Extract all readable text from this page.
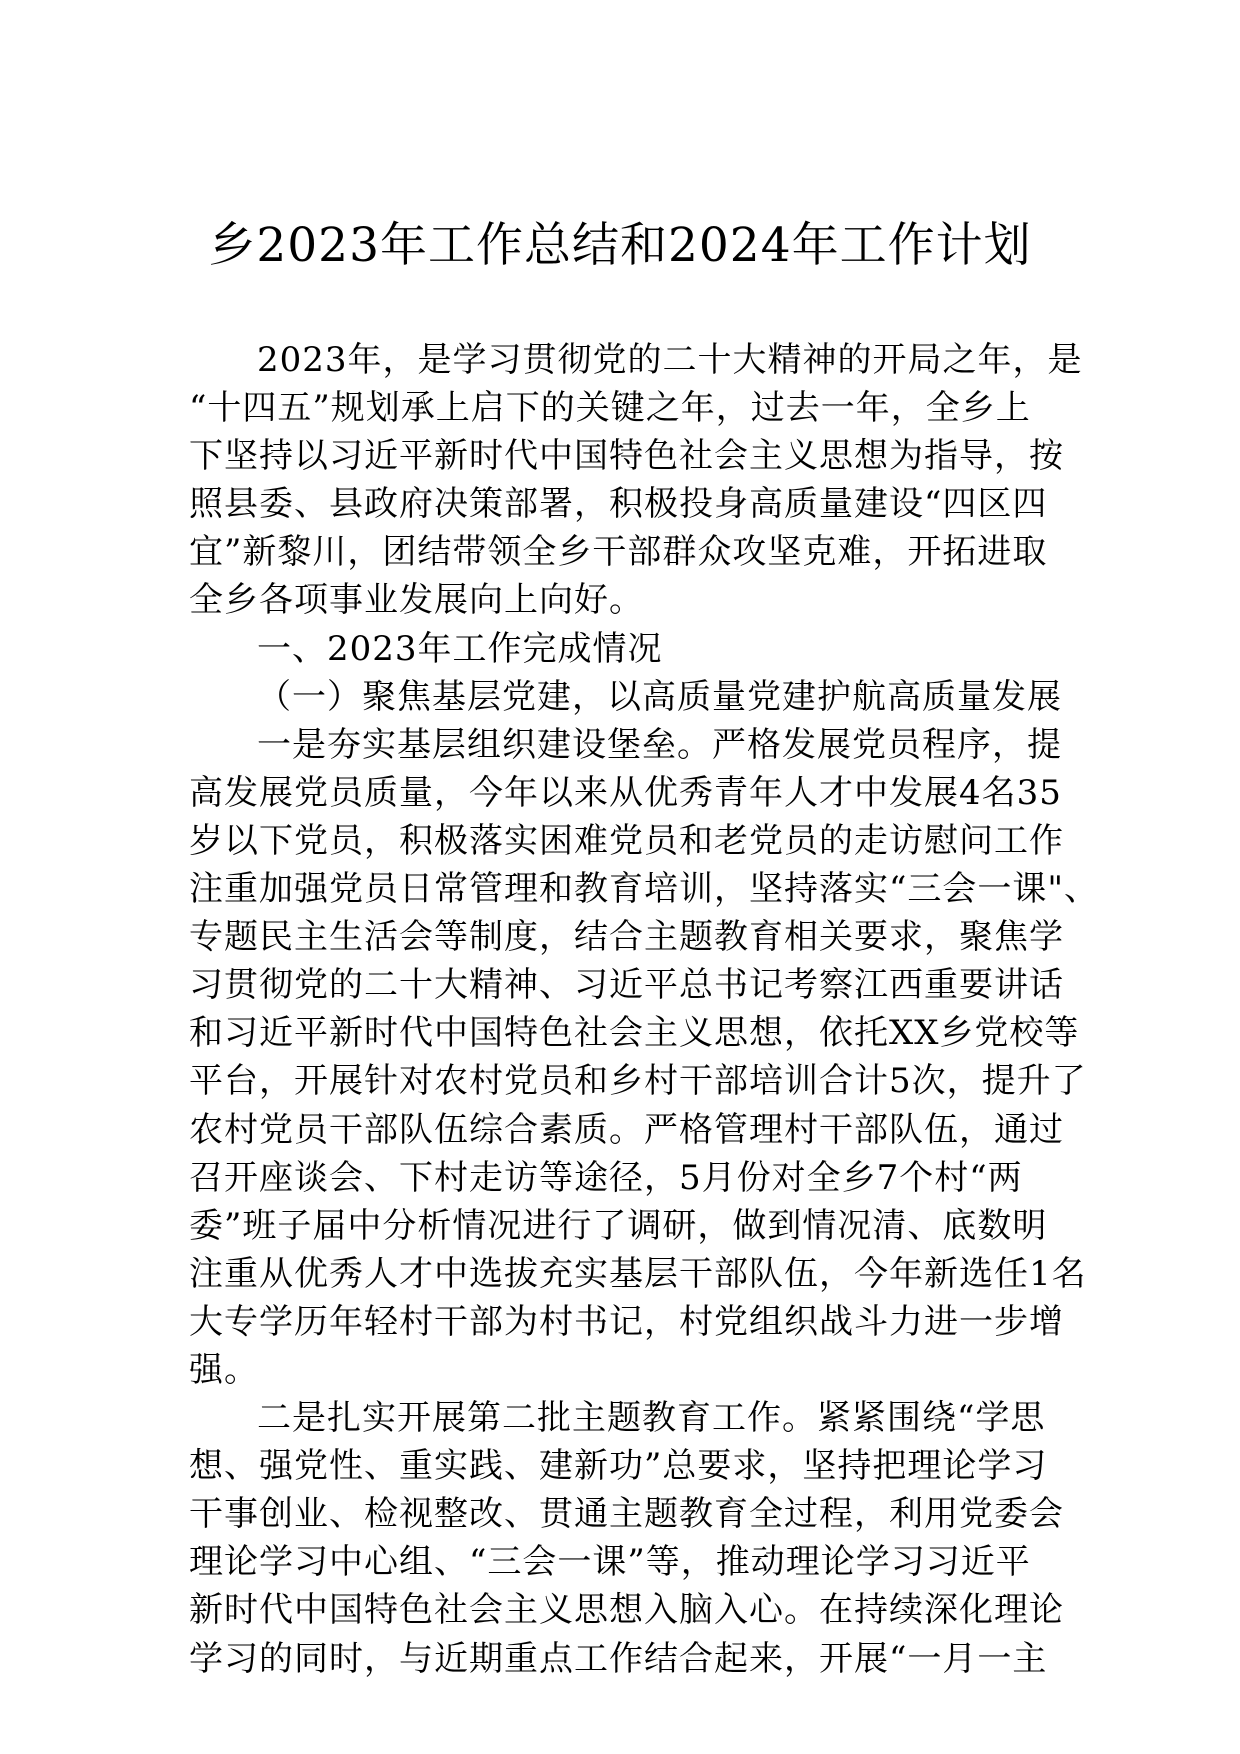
乡2023年工作总结和2024年工作计划
2023年，是学习贯彻党的二十大精神的开局之年，是
“十四五”规划承上启下的关键之年，过去一年，全乡上
下坚持以习近平新时代中国特色社会主义思想为指导，按
照县委、县政府决策部署，积极投身高质量建设“四区四
宜”新黎川，团结带领全乡干部群众攻坚克难，开拓进取
全乡各项事业发展向上向好。
一、2023年工作完成情况
（一）聚焦基层党建，以高质量党建护航高质量发展
一是夯实基层组织建设堡垒。严格发展党员程序，提
高发展党员质量，今年以来从优秀青年人才中发展4名35
岁以下党员，积极落实困难党员和老党员的走访慰问工作
注重加强党员日常管理和教育培训，坚持落实“三会一课"、
专题民主生活会等制度，结合主题教育相关要求，聚焦学
习贯彻党的二十大精神、习近平总书记考察江西重要讲话
和习近平新时代中国特色社会主义思想，依托XX乡党校等
平台，开展针对农村党员和乡村干部培训合计5次，提升了
农村党员干部队伍综合素质。严格管理村干部队伍，通过
召开座谈会、下村走访等途径，5月份对全乡7个村“两
委”班子届中分析情况进行了调研，做到情况清、底数明
注重从优秀人才中选拔充实基层干部队伍，今年新选任1名
大专学历年轻村干部为村书记，村党组织战斗力进一步增
强。
二是扎实开展第二批主题教育工作。紧紧围绕“学思
想、强党性、重实践、建新功”总要求，坚持把理论学习
干事创业、检视整改、贯通主题教育全过程，利用党委会
理论学习中心组、“三会一课”等，推动理论学习习近平
新时代中国特色社会主义思想入脑入心。在持续深化理论
学习的同时，与近期重点工作结合起来，开展“一月一主
